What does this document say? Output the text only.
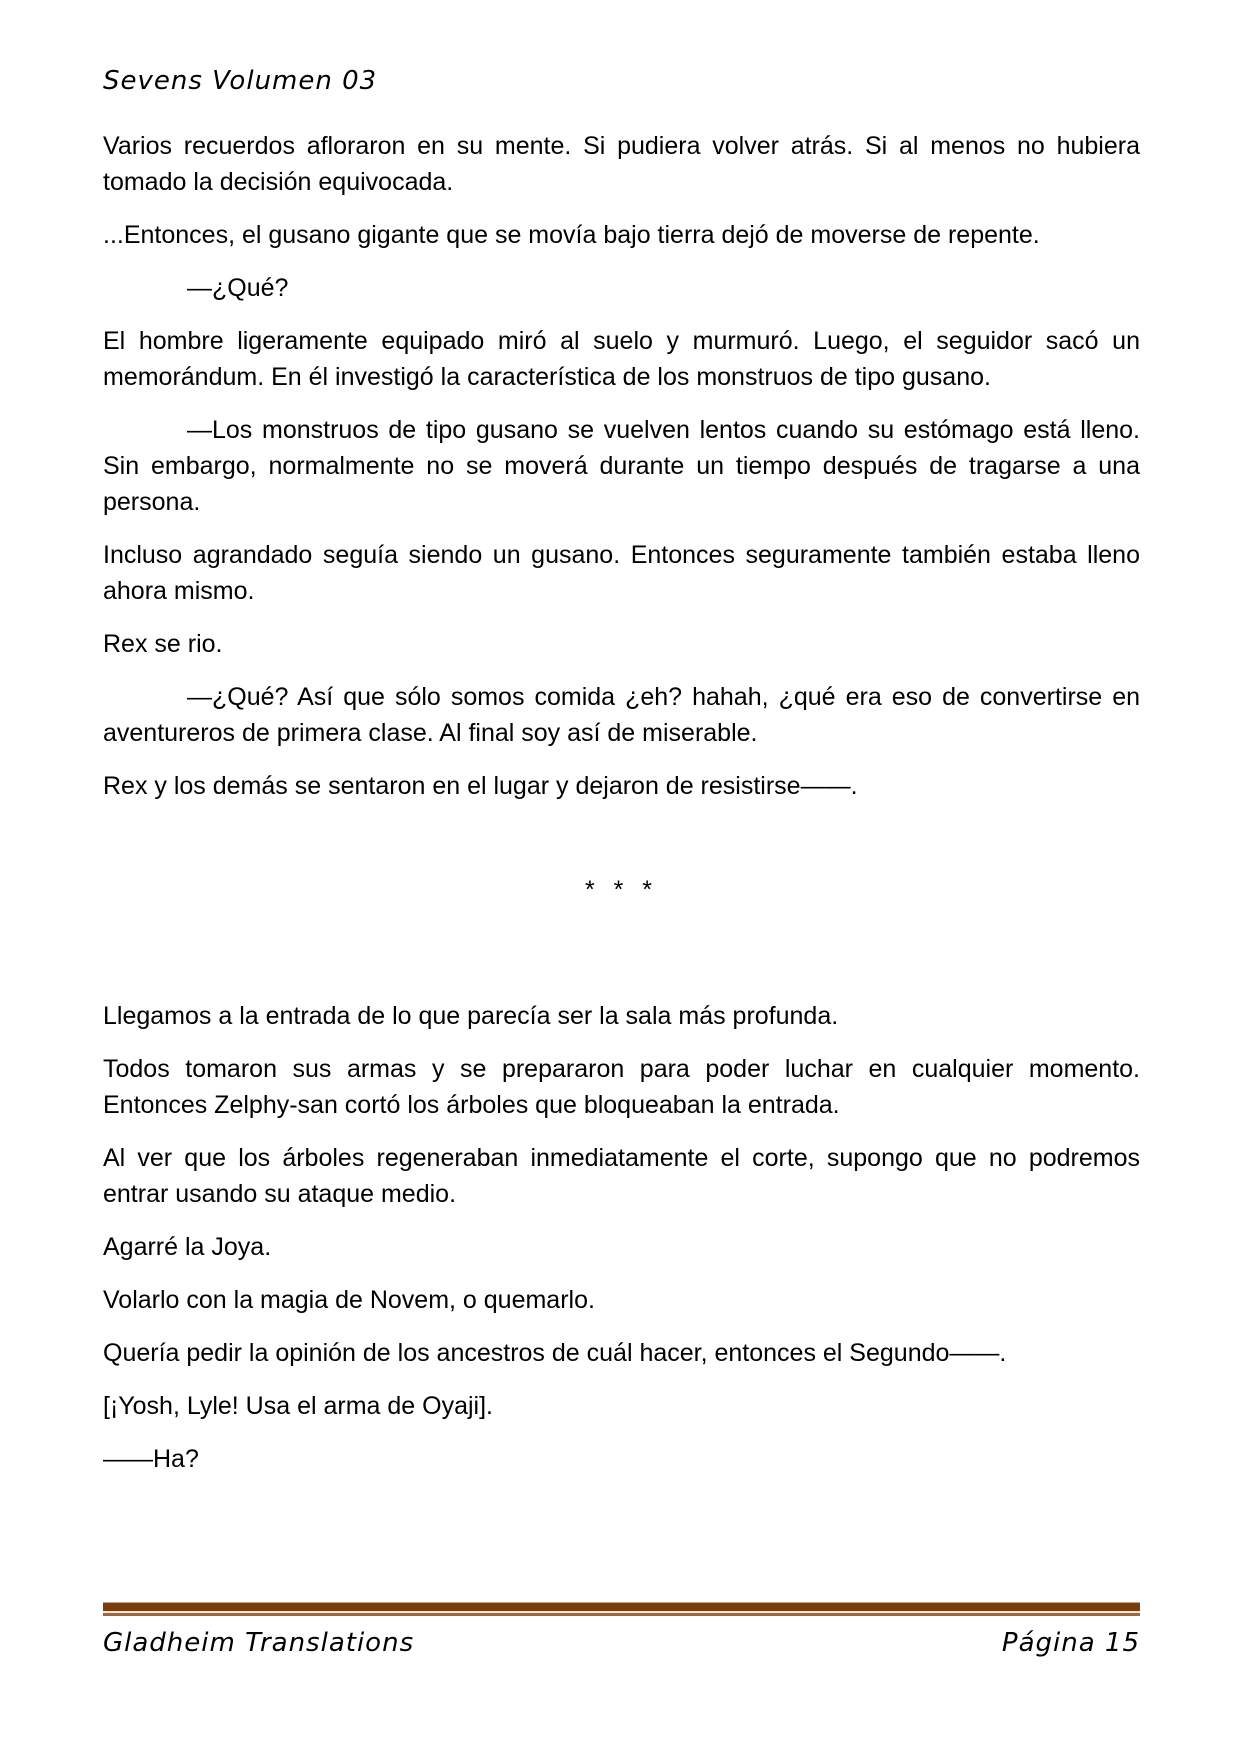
Sevens Volumen 03

Varios recuerdos afloraron en su mente. Si pudiera volver atrás. Si al menos no hubiera tomado la decisión equivocada.

...Entonces, el gusano gigante que se movía bajo tierra dejó de moverse de repente.

—¿Qué?

El hombre ligeramente equipado miró al suelo y murmuró. Luego, el seguidor sacó un memorándum. En él investigó la característica de los monstruos de tipo gusano.

—Los monstruos de tipo gusano se vuelven lentos cuando su estómago está lleno. Sin embargo, normalmente no se moverá durante un tiempo después de tragarse a una persona.

Incluso agrandado seguía siendo un gusano. Entonces seguramente también estaba lleno ahora mismo.

Rex se rio.

—¿Qué? Así que sólo somos comida ¿eh? hahah, ¿qué era eso de convertirse en aventureros de primera clase. Al final soy así de miserable.

Rex y los demás se sentaron en el lugar y dejaron de resistirse——.

* * *

Llegamos a la entrada de lo que parecía ser la sala más profunda.

Todos tomaron sus armas y se prepararon para poder luchar en cualquier momento. Entonces Zelphy-san cortó los árboles que bloqueaban la entrada.

Al ver que los árboles regeneraban inmediatamente el corte, supongo que no podremos entrar usando su ataque medio.

Agarré la Joya.

Volarlo con la magia de Novem, o quemarlo.

Quería pedir la opinión de los ancestros de cuál hacer, entonces el Segundo——.

[¡Yosh, Lyle! Usa el arma de Oyaji].

——Ha?

Gladheim Translations	Página 15
